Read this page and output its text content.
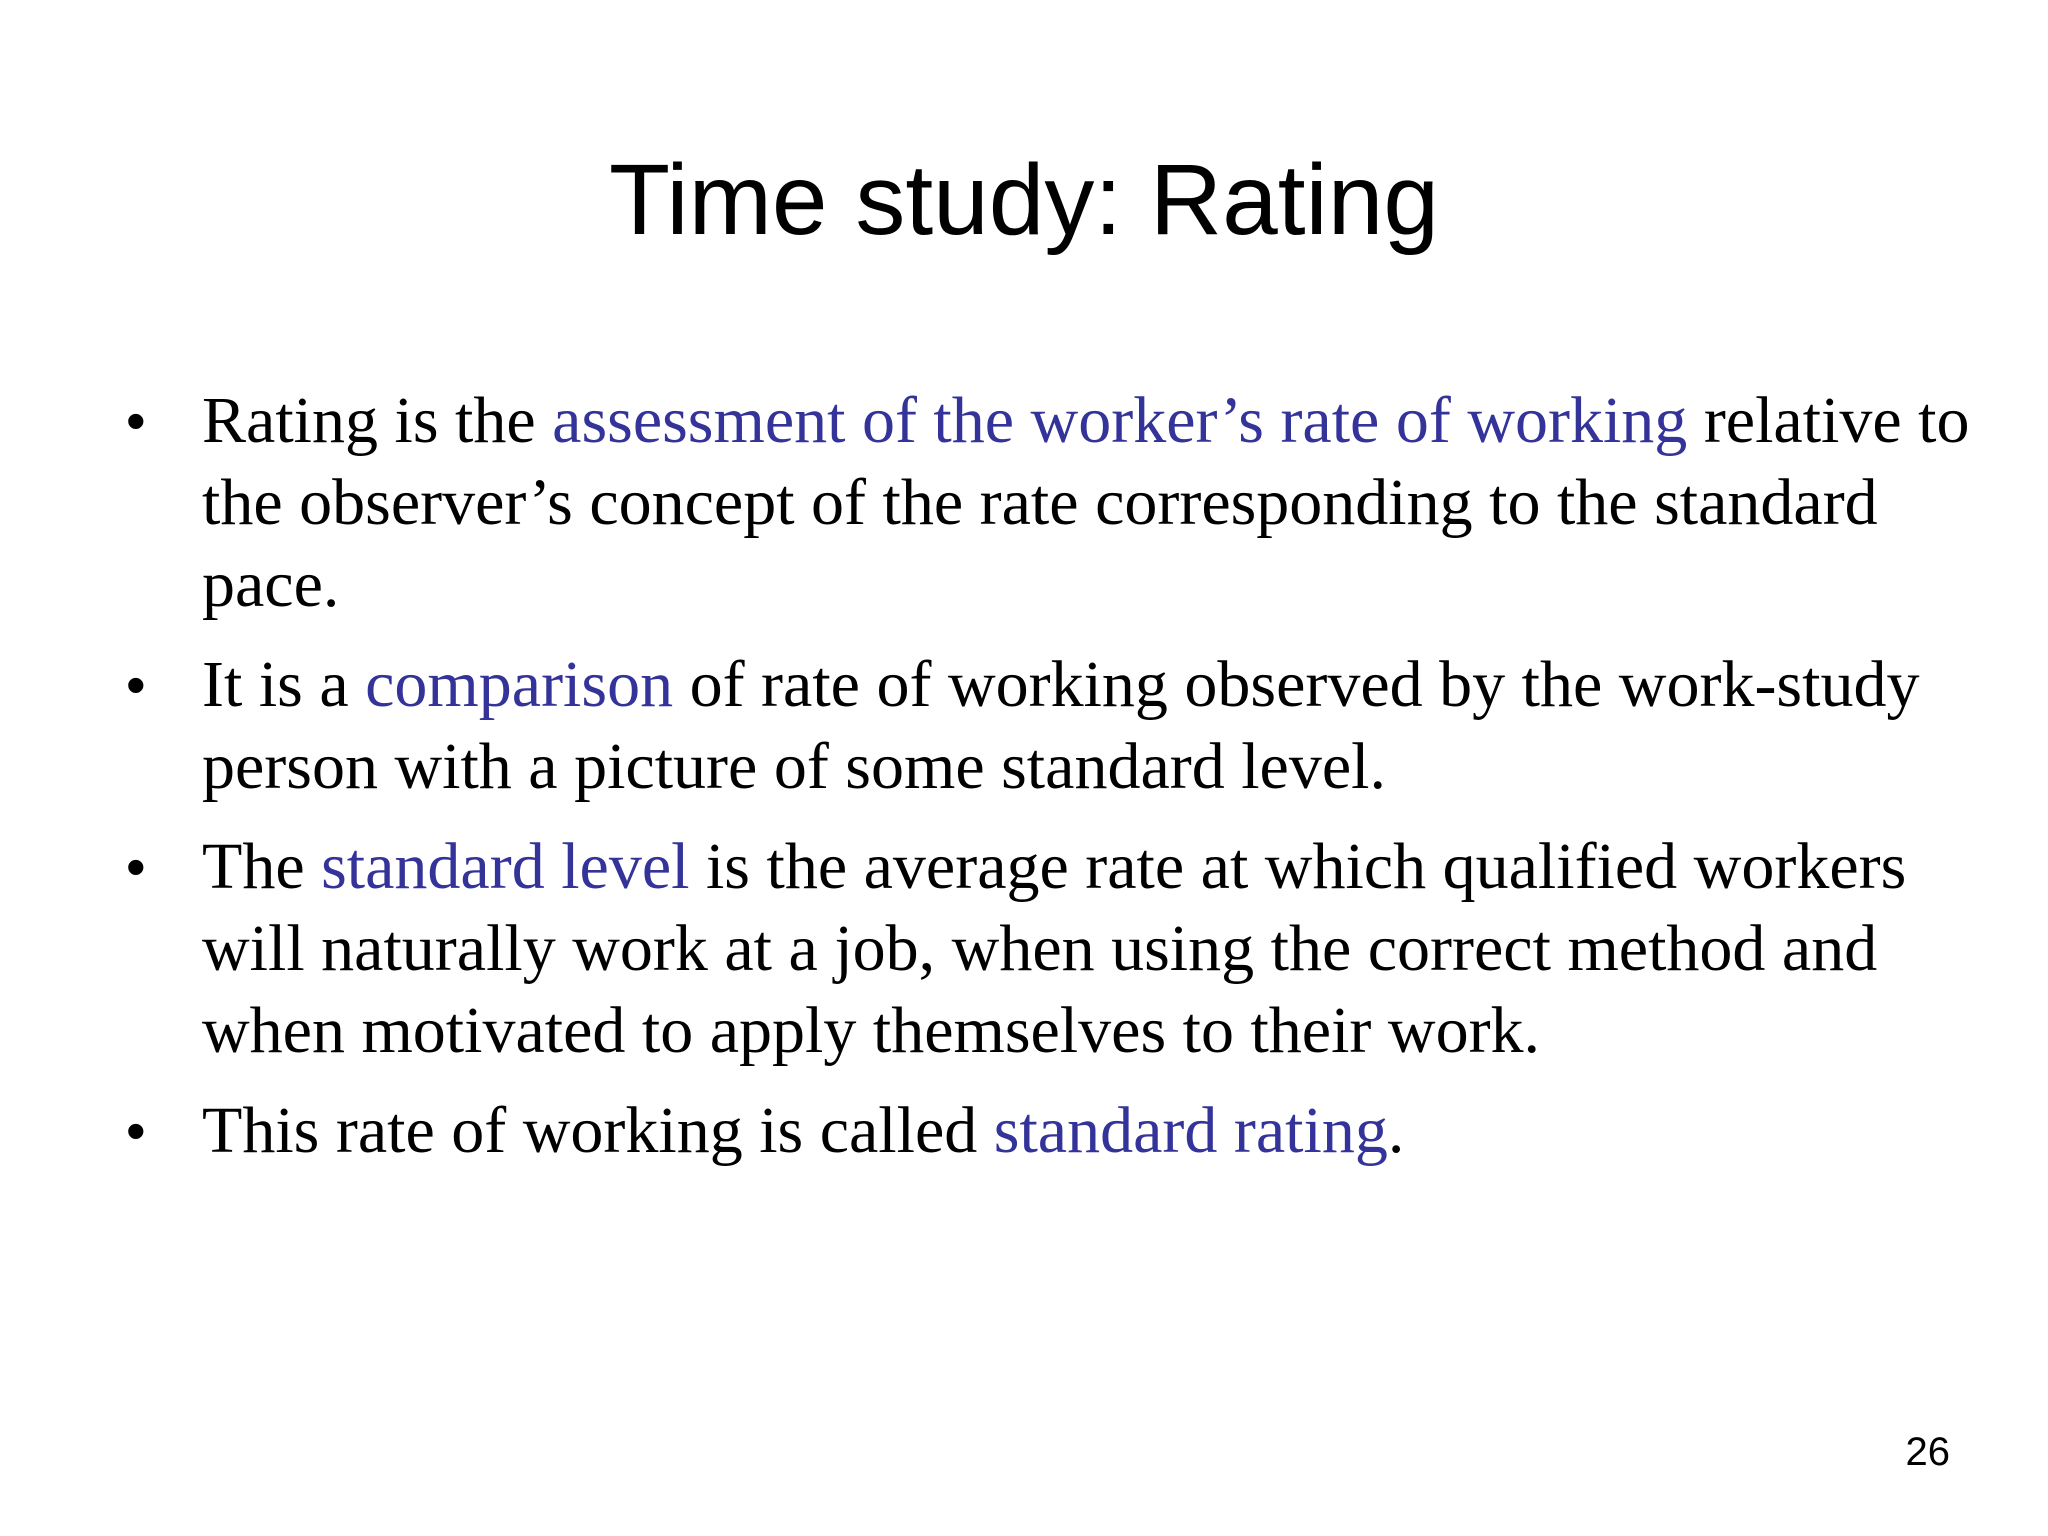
Time study: Rating
• Rating is the assessment of the worker’s rate of working relative to the observer’s concept of the rate corresponding to the standard pace.
• It is a comparison of rate of working observed by the work-study person with a picture of some standard level.
• The standard level is the average rate at which qualified workers will naturally work at a job, when using the correct method and when motivated to apply themselves to their work.
• This rate of working is called standard rating.
26
